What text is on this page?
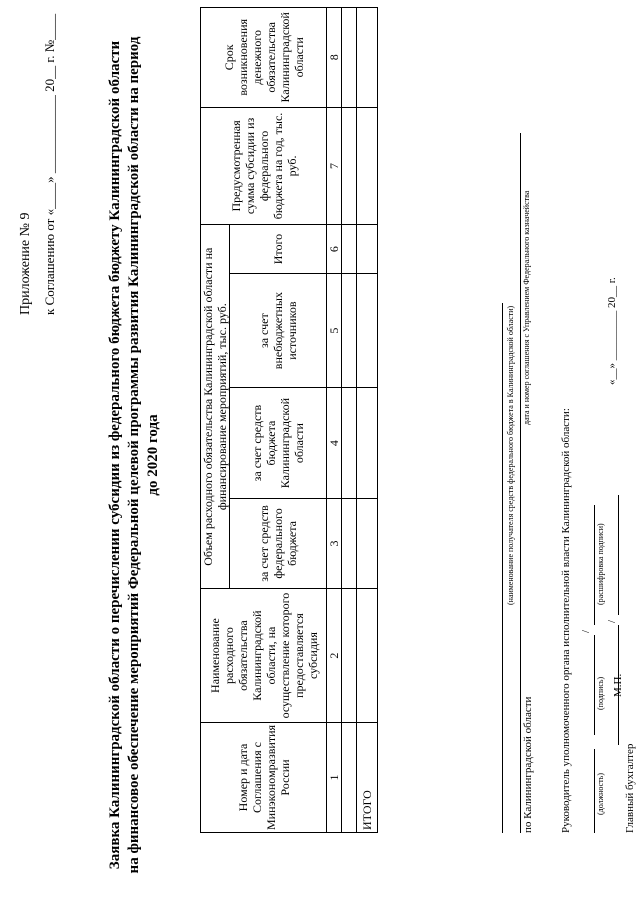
Приложение № 9 к Соглашению от «____» ____________ 20__ г. №____	Заявка Калининградской области о перечислении субсидии из федерального бюджета бюджету Калининградской области на финансовое обеспечение мероприятий Федеральной целевой программы развития Калининградской области на период до 2020 года
Номер и дата Соглашения с Минэкономразвития России	Наименование расходного обязательства Калининградской области, на осуществление которого предоставляется субсидия	Объем расходного обязательства Калининградской области на финансирование мероприятий, тыс. руб.				Предусмотренная сумма субсидии из федерального бюджета на год, тыс. руб.	Срок возникновения денежного обязательства Калининградской области
		за счет средств федерального бюджета	за счет средств бюджета Калининградской области	за счет внебюджетных источников	Итого		
1	2	3	4	5	6	7	8

ИТОГО							
(наименование получателя средств федерального бюджета в Калининградской области) дата и номер соглашения с Управлением Федерального казначейства
по Калининградской области Руководитель уполномоченного органа исполнительной власти Калининградской области:	(должность)
(подпись)
/
(расшифровка подписи)
М.П.
Главный бухгалтер
/
«__» _________ 20__ г.
